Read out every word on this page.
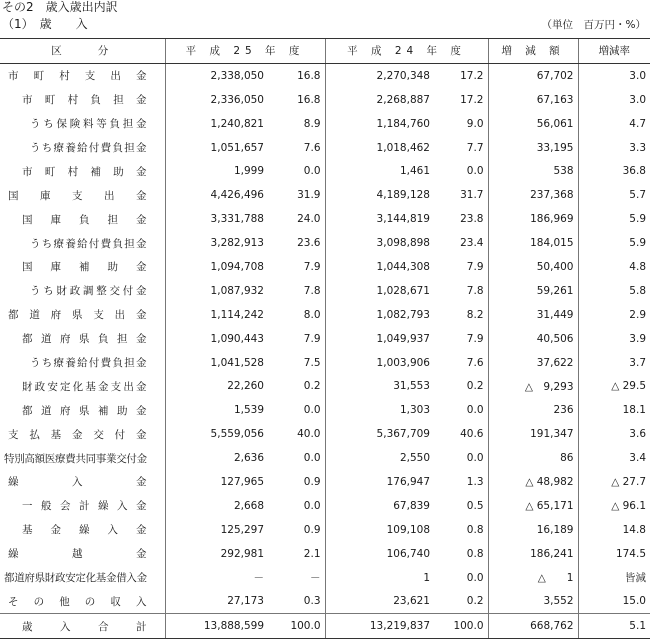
その2　歳入歳出内訳
（1）　歳　　入	（単位　百万円・%）
区　　分	平 成 25 年 度		平 成 24 年 度		増 減 額	増減率
市町村支出金	2,338,050	16.8	2,270,348	17.2	67,702	3.0
市町村負担金	2,336,050	16.8	2,268,887	17.2	67,163	3.0
うち保険料等負担金	1,240,821	8.9	1,184,760	9.0	56,061	4.7
うち療養給付費負担金	1,051,657	7.6	1,018,462	7.7	33,195	3.3
市町村補助金	1,999	0.0	1,461	0.0	538	36.8
国庫支出金	4,426,496	31.9	4,189,128	31.7	237,368	5.7
国庫負担金	3,331,788	24.0	3,144,819	23.8	186,969	5.9
うち療養給付費負担金	3,282,913	23.6	3,098,898	23.4	184,015	5.9
国庫補助金	1,094,708	7.9	1,044,308	7.9	50,400	4.8
うち財政調整交付金	1,087,932	7.8	1,028,671	7.8	59,261	5.8
都道府県支出金	1,114,242	8.0	1,082,793	8.2	31,449	2.9
都道府県負担金	1,090,443	7.9	1,049,937	7.9	40,506	3.9
うち療養給付費負担金	1,041,528	7.5	1,003,906	7.6	37,622	3.7
財政安定化基金支出金	22,260	0.2	31,553	0.2	△　9,293	△ 29.5
都道府県補助金	1,539	0.0	1,303	0.0	236	18.1
支払基金交付金	5,559,056	40.0	5,367,709	40.6	191,347	3.6
特別高額医療費共同事業交付金	2,636	0.0	2,550	0.0	86	3.4
繰入金	127,965	0.9	176,947	1.3	△ 48,982	△ 27.7
一般会計繰入金	2,668	0.0	67,839	0.5	△ 65,171	△ 96.1
基金繰入金	125,297	0.9	109,108	0.8	16,189	14.8
繰越金	292,981	2.1	106,740	0.8	186,241	174.5
都道府県財政安定化基金借入金	－	－	1	0.0	△　　1	皆減
その他の収入	27,173	0.3	23,621	0.2	3,552	15.0
歳入合計	13,888,599	100.0	13,219,837	100.0	668,762	5.1
